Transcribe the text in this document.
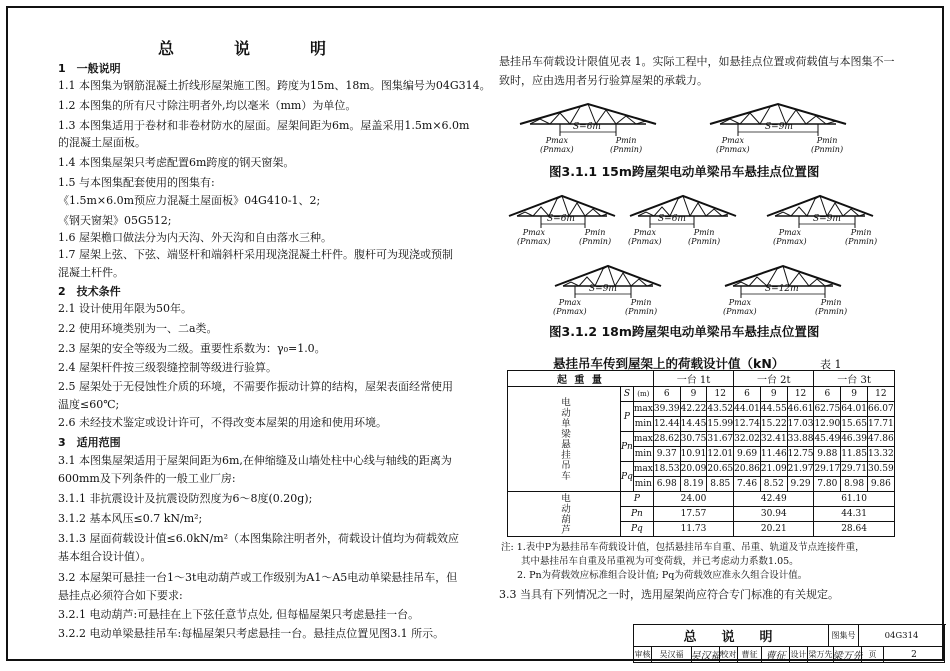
总　说　明
1　一般说明
1.1 本图集为钢筋混凝土折线形屋架施工图。跨度为15m、18m。图集编号为04G314。
1.2 本图集的所有尺寸除注明者外,均以毫米（mm）为单位。
1.3 本图集适用于卷材和非卷材防水的屋面。屋架间距为6m。屋盖采用1.5m×6.0m
的混凝土屋面板。
1.4 本图集屋架只考虑配置6m跨度的钢天窗架。
1.5 与本图集配套使用的图集有:
《1.5m×6.0m预应力混凝土屋面板》04G410-1、2;
《钢天窗架》05G512;
1.6 屋架檐口做法分为内天沟、外天沟和自由落水三种。
1.7 屋架上弦、下弦、端竖杆和端斜杆采用现浇混凝土杆件。腹杆可为现浇或预制
混凝土杆件。
2　技术条件
2.1 设计使用年限为50年。
2.2 使用环境类别为一、二a类。
2.3 屋架的安全等级为二级。重要性系数为：γ₀=1.0。
2.4 屋架杆件按三级裂缝控制等级进行验算。
2.5 屋架处于无侵蚀性介质的环境，不需要作振动计算的结构，屋架表面经常使用
温度≤60℃;
2.6 未经技术鉴定或设计许可，不得改变本屋架的用途和使用环境。
3　适用范围
3.1 本图集屋架适用于屋架间距为6m,在伸缩缝及山墙处柱中心线与轴线的距离为
600mm及下列条件的一般工业厂房:
3.1.1 非抗震设计及抗震设防烈度为6～8度(0.20g);
3.1.2 基本风压≤0.7 kN/m²;
3.1.3 屋面荷载设计值≤6.0kN/m²（本图集除注明者外，荷载设计值均为荷载效应
基本组合设计值）。
3.2 本屋架可悬挂一台1～3t电动葫芦或工作级别为A1～A5电动单梁悬挂吊车，但
悬挂点必须符合如下要求:
3.2.1 电动葫芦:可悬挂在上下弦任意节点处, 但每榀屋架只考虑悬挂一台。
3.2.2 电动单梁悬挂吊车:每榀屋架只考虑悬挂一台。悬挂点位置见图3.1 所示。
悬挂吊车荷载设计限值见表 1。实际工程中，如悬挂点位置或荷载值与本图集不一
致时，应由选用者另行验算屋架的承载力。
S=6m
Pmax
(Pnmax)
Pmin
(Pnmin)
S=9m
Pmax
(Pnmax)
Pmin
(Pnmin)
图3.1.1 15m跨屋架电动单梁吊车悬挂点位置图
S=6m
Pmax
(Pnmax)
Pmin
(Pnmin)
S=6m
Pmax
(Pnmax)
Pmin
(Pnmin)
S=9m
Pmax
(Pnmax)
Pmin
(Pnmin)
S=9m
Pmax
(Pnmax)
Pmin
(Pnmin)
S=12m
Pmax
(Pnmax)
Pmin
(Pnmin)
图3.1.2 18m跨屋架电动单梁吊车悬挂点位置图
悬挂吊车传到屋架上的荷载设计值（kN）	表 1
起 重 量			一台 1t			一台 2t			一台 3t		
电动单梁悬挂吊车	S	(m)	6	9	12	6	9	12	6	9	12
	P	max	39.39	42.22	43.52	44.01	44.55	46.61	62.75	64.01	66.07
		min	12.44	14.45	15.99	12.74	15.22	17.03	12.90	15.65	17.71
	Pn	max	28.62	30.75	31.67	32.02	32.41	33.88	45.49	46.39	47.86
		min	9.37	10.91	12.01	9.69	11.46	12.75	9.88	11.85	13.32
	Pq	max	18.53	20.09	20.65	20.86	21.09	21.97	29.17	29.71	30.59
		min	6.98	8.19	8.85	7.46	8.52	9.29	7.80	8.98	9.86
电动葫芦	P		24.00			42.49			61.10		
	Pn		17.57			30.94			44.31		
	Pq		11.73			20.21			28.64		
注: 1.表中P为悬挂吊车荷载设计值，包括悬挂吊车自重、吊重、轨道及节点连接件重，
其中悬挂吊车自重及吊重视为可变荷载，并已考虑动力系数1.05。
2. Pn为荷载效应标准组合设计值; Pq为荷载效应准永久组合设计值。
3.3 当具有下列情况之一时，选用屋架尚应符合专门标准的有关规定。
总　说　明	图集号	04G314
审核	吴汉福 吴汉福 校对 曹征 曹征 设计 梁万先 梁万先 页	2
